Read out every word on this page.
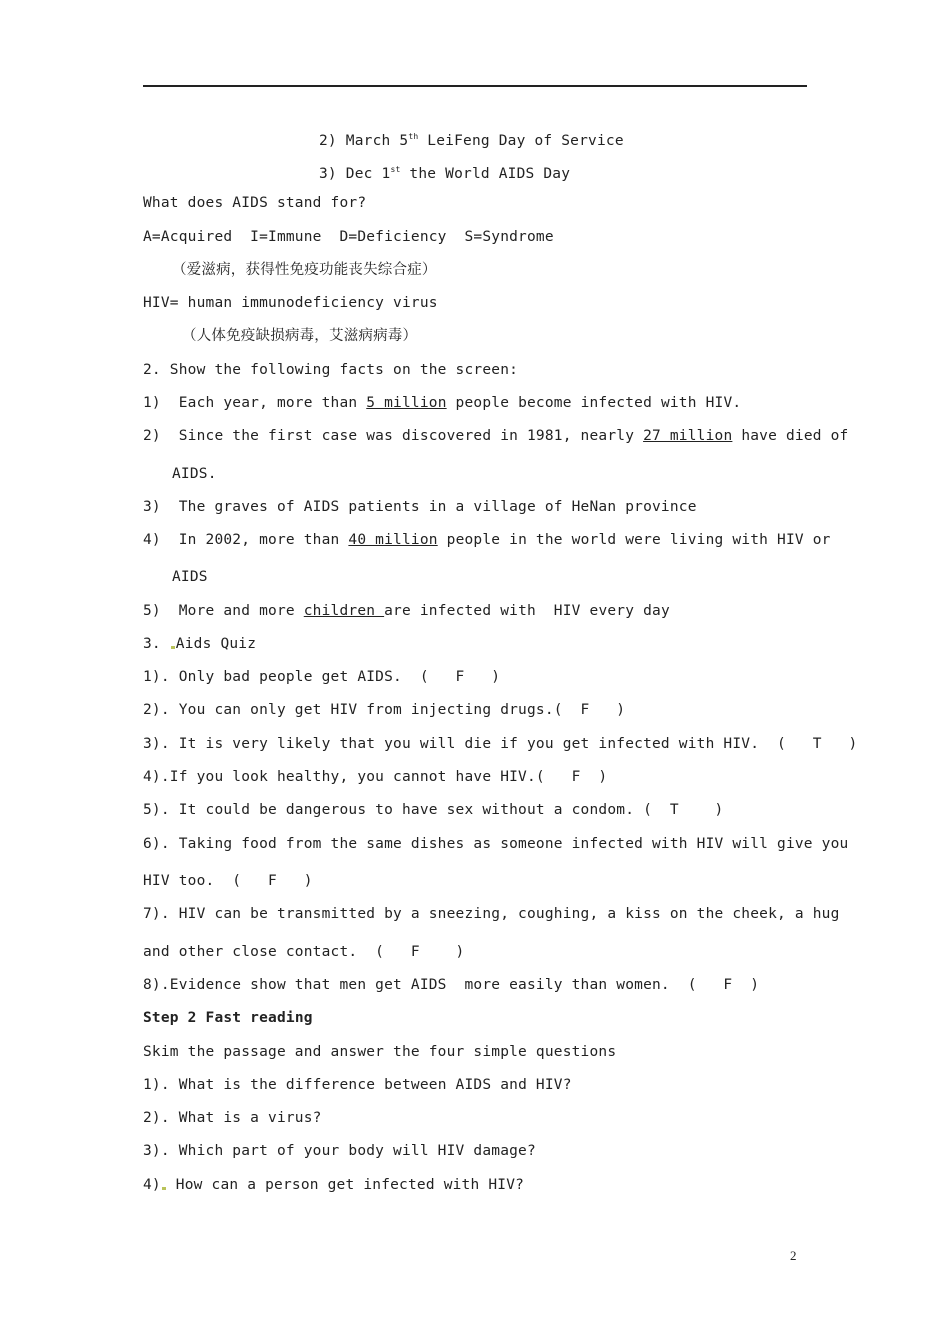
2) March 5th LeiFeng Day of Service
3) Dec 1st the World AIDS Day
What does AIDS stand for?
A=Acquired  I=Immune  D=Deficiency  S=Syndrome
（爱滋病，获得性免疫功能丧失综合症）
HIV= human immunodeficiency virus
（人体免疫缺损病毒，艾滋病病毒）
2. Show the following facts on the screen:
1)  Each year, more than 5 million people become infected with HIV.
2)  Since the first case was discovered in 1981, nearly 27 million have died of
AIDS.
3)  The graves of AIDS patients in a village of HeNan province
4)  In 2002, more than 40 million people in the world were living with HIV or
AIDS
5)  More and more children are infected with  HIV every day
3. Aids Quiz
1). Only bad people get AIDS.  (   F   )
2). You can only get HIV from injecting drugs.(  F   )
3). It is very likely that you will die if you get infected with HIV.  (   T   )
4).If you look healthy, you cannot have HIV.(   F  )
5). It could be dangerous to have sex without a condom. (  T    )
6). Taking food from the same dishes as someone infected with HIV will give you
HIV too.  (   F   )
7). HIV can be transmitted by a sneezing, coughing, a kiss on the cheek, a hug
and other close contact.  (   F    )
8).Evidence show that men get AIDS  more easily than women.  (   F  )
Step 2 Fast reading
Skim the passage and answer the four simple questions
1). What is the difference between AIDS and HIV?
2). What is a virus?
3). Which part of your body will HIV damage?
4) How can a person get infected with HIV?
2
